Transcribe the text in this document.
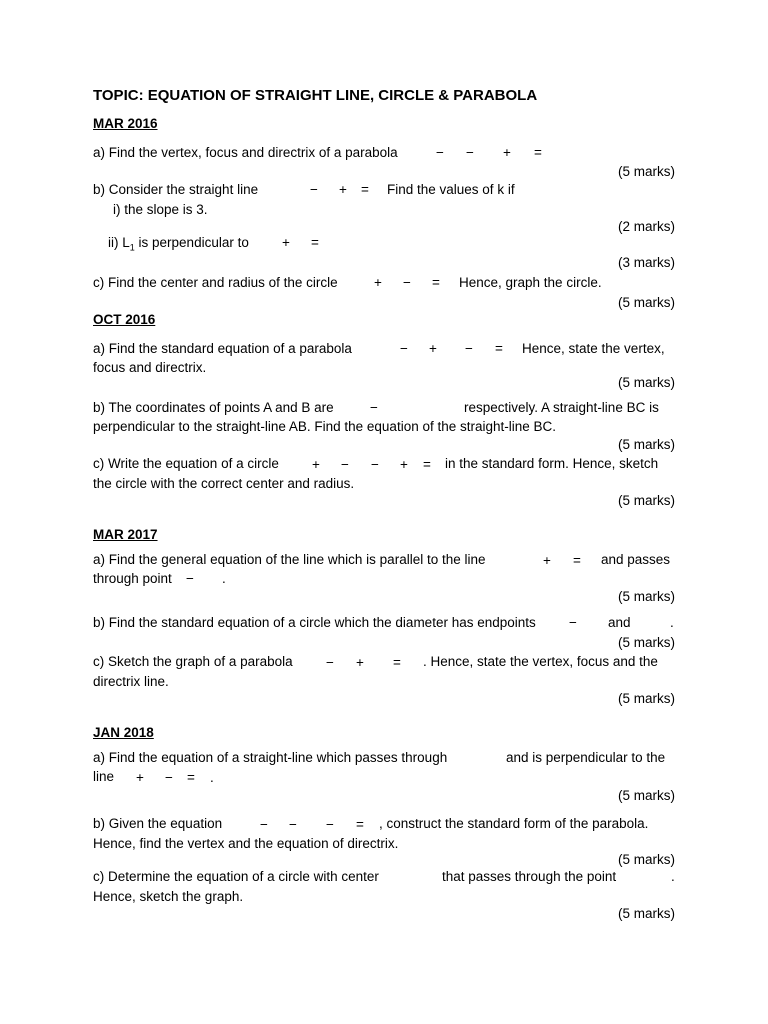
TOPIC: EQUATION OF STRAIGHT LINE, CIRCLE & PARABOLA
MAR 2016
a) Find the vertex, focus and directrix of a parabola	− − + =
(5 marks)
b) Consider the straight line	− + = Find the values of k if
i) the slope is 3.
(2 marks)
ii) $L_1$ is perpendicular to + =
(3 marks)
c) Find the center and radius of the circle	+ − = Hence, graph the circle.
(5 marks)
OCT 2016
a) Find the standard equation of a parabola	− + − = Hence, state the vertex,
focus and directrix.
(5 marks)
b) The coordinates of points A and B are	−	respectively. A straight-line BC is
perpendicular to the straight-line AB. Find the equation of the straight-line BC.
(5 marks)
c) Write the equation of a circle + − − + = in the standard form. Hence, sketch
the circle with the correct center and radius.
(5 marks)
MAR 2017
a) Find the general equation of the line which is parallel to the line	+ = and passes
through point − .
(5 marks)
b) Find the standard equation of a circle which the diameter has endpoints − and	.
(5 marks)
c) Sketch the graph of a parabola − + = . Hence, state the vertex, focus and the
directrix line.
(5 marks)
JAN 2018
a) Find the equation of a straight-line which passes through	and is perpendicular to the
line + − = .
(5 marks)
b) Given the equation	− − − = , construct the standard form of the parabola.
Hence, find the vertex and the equation of directrix.
(5 marks)
c) Determine the equation of a circle with center	that passes through the point	.
Hence, sketch the graph.
(5 marks)
